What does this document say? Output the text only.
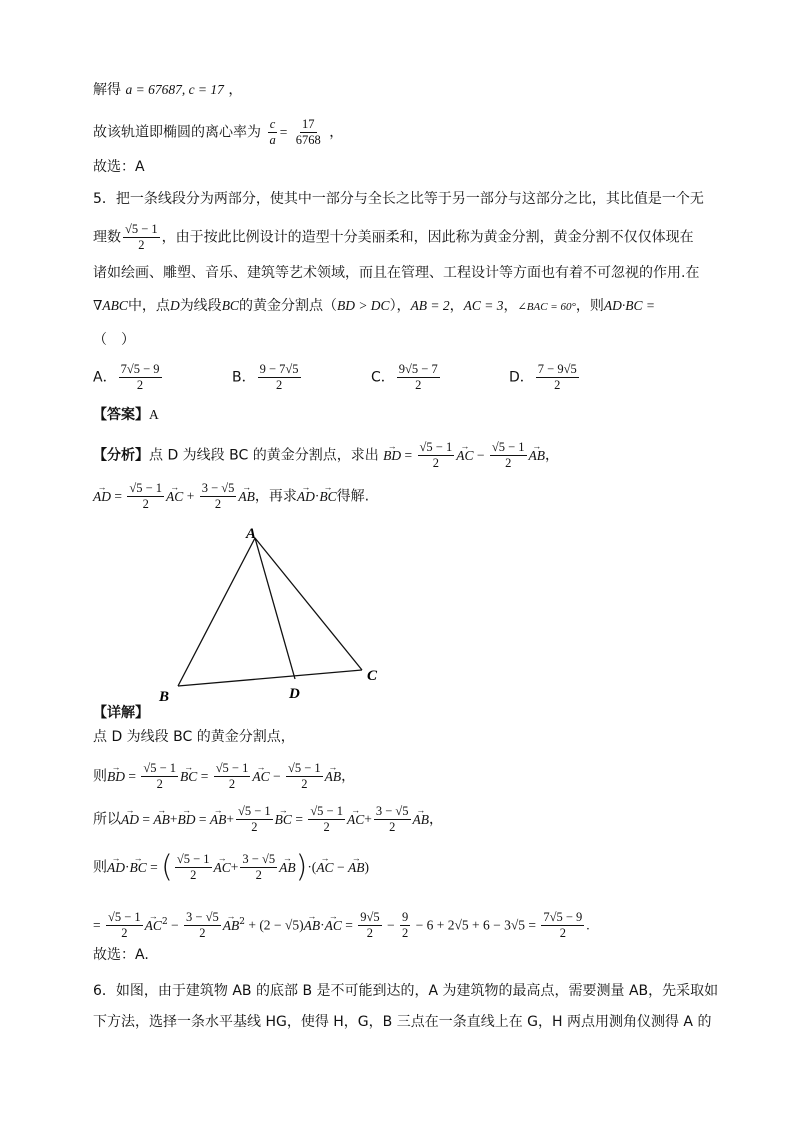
解得 a = 67687, c = 17 ，
故该轨道即椭圆的离心率为 $\frac{c}{a} = \frac{17}{6768}$ ，
故选：A
5．把一条线段分为两部分，使其中一部分与全长之比等于另一部分与这部分之比，其比值是一个无
理数 $\frac{√5 - 1}{2}$ ，由于按此比例设计的造型十分美丽柔和，因此称为黄金分割，黄金分割不仅仅体现在
诸如绘画、雕塑、音乐、建筑等艺术领域，而且在管理、工程设计等方面也有着不可忽视的作用.在
∇ABC中，点D为线段BC的黄金分割点（BD > DC），AB = 2，AC = 3，∠BAC = 60°，则AD·BC =
（　）
A． $\frac{7√5 - 9}{2}$	B． $\frac{9 - 7√5}{2}$	C． $\frac{9√5 - 7}{2}$	D． $\frac{7 - 9√5}{2}$
【答案】A
【分析】点 D 为线段 BC 的黄金分割点，求出 → BD = $\frac{√5 - 1}{2}$
→ AC − $\frac{√5 - 1}{2}$
→ AB，
→ AD = $\frac{√5 - 1}{2}$
→ AC + $\frac{3 - √5}{2}$
→ AB，再求→ AD·→ BC得解.
A
B
C
D
【详解】
点 D 为线段 BC 的黄金分割点，
则→ BD = $\frac{√5 - 1}{2}$
→ BC = $\frac{√5 - 1}{2}$
→ AC − $\frac{√5 - 1}{2}$
→ AB，
所以→ AD = → AB+→ BD = → $AB+ \frac{√5 - 1}{2}$
→ BC = $\frac{√5 - 1}{2}$
→ $AC+ \frac{3 - √5}{2}$
→ AB，
则→ AD·→ BC = ( $\frac{√5 - 1}{2}$
→ $AC+ \frac{3 - √5}{2}$
→ AB)·(→ AC − → AB)
= $\frac{√5 - 1}{2}$
→ $AC^2 - \frac{3 - √5}{2}$
→ $AB^2 + (2 - √5)\to AB\cdot\to$ AC = $\frac{9√5}{2} - \frac{9}{2} - 6 + 2√5 + 6 - 3√5 = \frac{7√5 - 9}{2}$ .
故选：A.
6．如图，由于建筑物 AB 的底部 B 是不可能到达的，A 为建筑物的最高点，需要测量 AB，先采取如
下方法，选择一条水平基线 HG，使得 H，G，B 三点在一条直线上在 G，H 两点用测角仪测得 A 的
